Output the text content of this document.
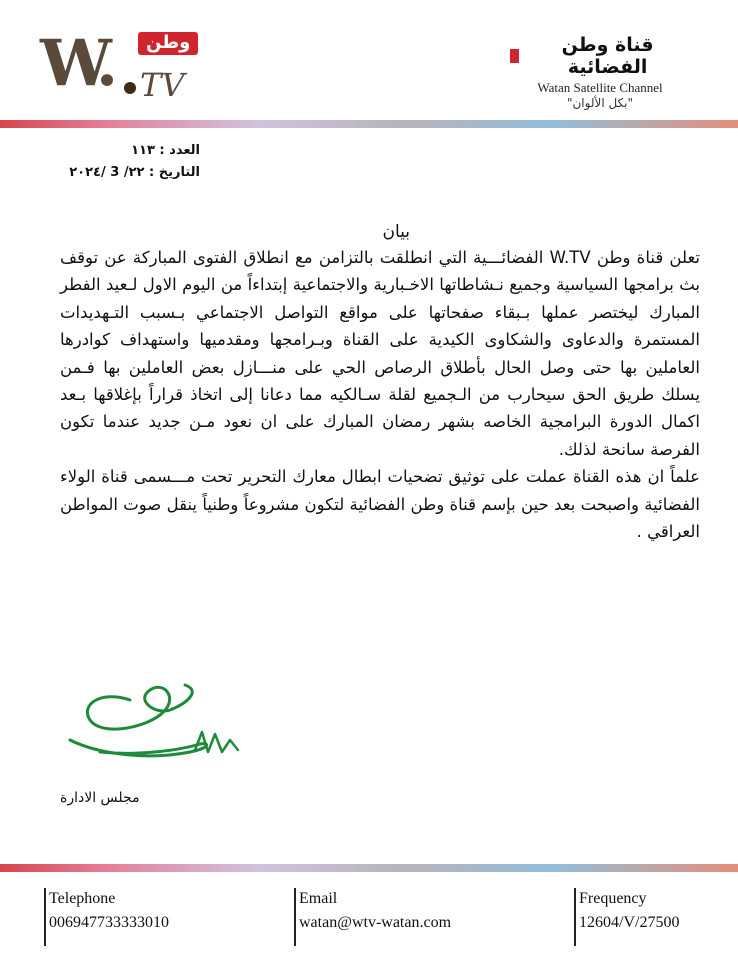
W. TV
وطن	قناة وطن الفضائية
Watan Satellite Channel
"بكل الألوان"
العدد : ١١٣
التاريخ : ٢٢/ 3 /٢٠٢٤
بيان

تعلن قناة وطن W.TV الفضائـــية التي انطلقت بالتزامن مع انطلاق الفتوى المباركة عن توقف بث برامجها السياسية وجميع نـشاطاتها الاخـبارية والاجتماعية إبتداءاً من اليوم الاول لـعيد الفطر المبارك ليختصر عملها بـبقاء صفحاتها على مواقع التواصل الاجتماعي بـسبب التـهديدات المستمرة والدعاوى والشكاوى الكيدية على القناة وبـرامجها ومقدميها واستهداف كوادرها العاملين بها حتى وصل الحال بأطلاق الرصاص الحي على منـــازل بعض العاملين بها فـمن يسلك طريق الحق سيحارب من الـجميع لقلة سـالكيه مما دعانا إلى اتخاذ قراراً بإغلاقها بـعد اكمال الدورة البرامجية الخاصه بشهر رمضان المبارك على ان نعود مـن جديد عندما تكون الفرصة سانحة لذلك.

علماً ان هذه القناة عملت على توثيق تضحيات ابطال معارك التحرير تحت مـــسمى قناة الولاء الفضائية واصبحت بعد حين بإسم قناة وطن الفضائية لتكون مشروعاً وطنياً ينقل صوت المواطن العراقي .

مجلس الادارة
Telephone
006947733333010
Email
watan@wtv-watan.com
Frequency
12604/V/27500
